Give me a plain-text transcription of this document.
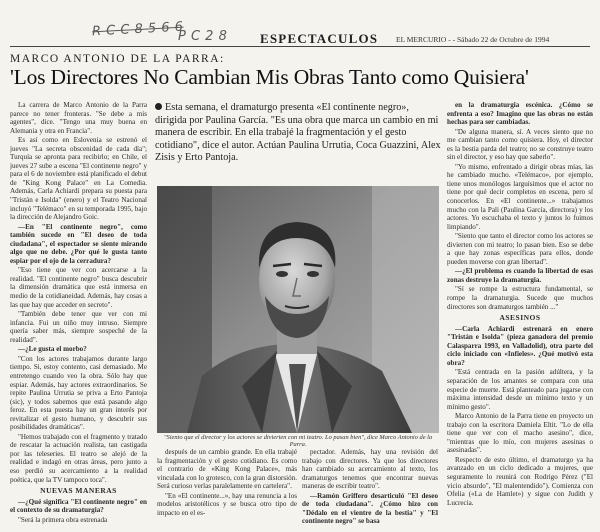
R C C 8 5 6 6
P C 2 8	ESPECTACULOS EL MERCURIO - - Sábado 22 de Octubre de 1994
MARCO ANTONIO DE LA PARRA:
'Los Directores No Cambian Mis Obras Tanto como Quisiera'

La carrera de Marco Antonio de la Parra parece no tener fronteras. "Se debe a mis agentes", dice. "Tengo una muy buena en Alemania y otra en Francia".

Es así como en Eslovenia se estrenó el jueves "La secreta obscenidad de cada día"; Turquía se apronta para recibirlo; en Chile, el jueves 27 sube a escena "El continente negro" y para el 6 de noviembre está planificado el debut de "King Kong Palace" en La Comedia. Además, Carla Achiardi prepara su puesta para "Tristán e Isolda" (enero) y el Teatro Nacional incluyó "Telémaco" en su temporada 1995, bajo la dirección de Alejandro Goic.

—En "El continente negro", como también sucede en "El deseo de toda ciudadana", el espectador se siente mirando algo que no debe. ¿Por qué le gusta tanto espiar por el ojo de la cerradura?

"Eso tiene que ver con acercarse a la realidad. "El continente negro" busca descubrir la dimensión dramática que está inmersa en medio de la cotidianeidad. Además, hay cosas a las que hay que acceder en secreto".

"También debe tener que ver con mi infancia. Fui un niño muy intruso. Siempre quería saber más, siempre sospeché de la realidad".

—¿Le gusta el morbo?

"Con los actores trabajamos durante largo tiempo. Si, estoy contento, casi demasiado. Me entretengo cuando veo la obra. Sólo hay que espiar. Además, hay actores extraordinarios. Se repite Paulina Urrutia se priva a Erto Pantoja (sic), y todos sabemos que está pasando algo feroz. En esta puesta hay un gran interés por revitalizar el gesto humano, y descubrir sus posibilidades dramáticas".

"Hemos trabajado con el fragmento y tratado de rescatar la actuación realista, tan castigada por las teleseries. El teatro se alejó de la realidad e indagó en otras áreas, pero junto a eso perdió su acercamiento a la realidad poética, que la TV tampoco toca".

NUEVAS MANERAS

—¿Qué significa "El continente negro" en el contexto de su dramaturgia?

"Será la primera obra estrenada

Esta semana, el dramaturgo presenta «El continente negro», dirigida por Paulina García. "Es una obra que marca un cambio en mi manera de escribir. En ella trabajé la fragmentación y el gesto cotidiano", dice el autor. Actúan Paulina Urrutia, Coca Guazzini, Alex Zisis y Erto Pantoja.
"Siento que el director y los actores se divierten con mi teatro. Lo pasan bien", dice Marco Antonio de la Parra.

después de un cambio grande. En ella trabajé la fragmentación y el gesto cotidiano. Es como el contrario de «King Kong Palace», más vinculada con lo grotesco, con la gran distorsión. Será curioso verlas paralelamente en cartelera".

"En «El continente...», hay una renuncia a los modelos aristotélicos y se busca otro tipo de impacto en el es-

pectador. Además, hay una revisión del trabajo con directores. Ya que los directores han cambiado su acercamiento al texto, los dramaturgos tenemos que encontrar nuevas maneras de escribir teatro".

—Ramón Griffero desarticuló "El deseo de toda ciudadana". ¿Cómo hizo con "Dédalo en el vientre de la bestia" y "El continente negro" se basa

en la dramaturgia escénica. ¿Cómo se enfrenta a eso? Imagino que las obras no están hechas para ser cambiadas.

"De alguna manera, sí. A veces siento que no me cambian tanto como quisiera. Hoy, el director es la bestia parda del teatro; no se construye teatro sin el director, y eso hay que saberlo".

"Yo mismo, enfrentado a dirigir obras mías, las he cambiado mucho. «Telémaco», por ejemplo, tiene unos monólogos larguísimos que el actor no tiene por qué decir completos en escena, pero sí conocerlos. En «El continente...» trabajamos mucho con la Pali (Paulina García, directora) y los actores. Yo escuchaba el texto y juntos lo fuimos limpiando".

"Siento que tanto el director como los actores se divierten con mi teatro; lo pasan bien. Eso se debe a que hay zonas específicas para ellos, donde pueden moverse con gran libertad".

—¿El problema es cuando la libertad de esas zonas destruye la dramaturgia.

"Sí se rompe la estructura fundamental, se rompe la dramaturgia. Sucede que muchos directores son dramaturgos también ..."

ASESINOS

—Carla Achiardi estrenará en enero "Tristán e Isolda" (pieza ganadora del premio Calasparra 1993, en Valladolid), otra parte del ciclo iniciado con «Infieles». ¿Qué motivó esta obra?

"Está centrada en la pasión adúltera, y la separación de los amantes se compara con una especie de muerte. Está planteado para jugarse con máxima intensidad desde un mínimo texto y un mínimo gesto".

Marco Antonio de la Parra tiene en proyecto un trabajo con la escritora Damiela Eltit. "Lo de ella tiene que ver con el macho asesino", dice, "mientras que lo mío, con mujeres asesinas o asesinadas".

Respecto de esto último, el dramaturgo ya ha avanzado en un ciclo dedicado a mujeres, que seguramente lo reunirá con Rodrigo Pérez ("El vicio absurdo", "El malentendido"). Comienza con Ofelia («La de Hamlet») y sigue con Judith y Lucrecia.
